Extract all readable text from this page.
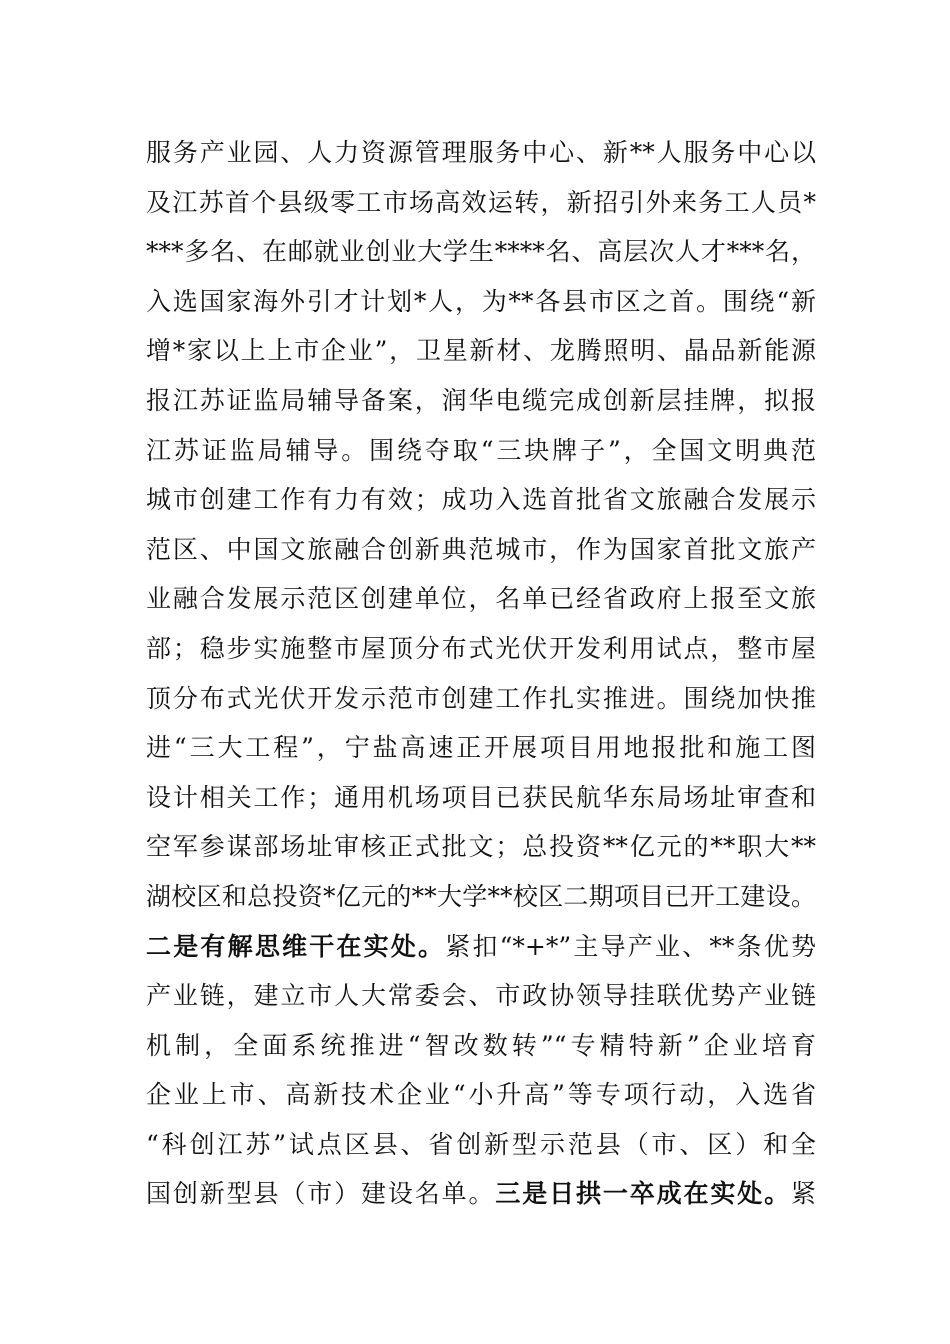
服务产业园、人力资源管理服务中心、新**人服务中心以
及江苏首个县级零工市场高效运转，新招引外来务工人员*
***多名、在邮就业创业大学生****名、高层次人才***名，
入选国家海外引才计划*人，为**各县市区之首。围绕“新
增*家以上上市企业”，卫星新材、龙腾照明、晶品新能源
报江苏证监局辅导备案，润华电缆完成创新层挂牌，拟报
江苏证监局辅导。围绕夺取“三块牌子”，全国文明典范
城市创建工作有力有效；成功入选首批省文旅融合发展示
范区、中国文旅融合创新典范城市，作为国家首批文旅产
业融合发展示范区创建单位，名单已经省政府上报至文旅
部；稳步实施整市屋顶分布式光伏开发利用试点，整市屋
顶分布式光伏开发示范市创建工作扎实推进。围绕加快推
进“三大工程”，宁盐高速正开展项目用地报批和施工图
设计相关工作；通用机场项目已获民航华东局场址审查和
空军参谋部场址审核正式批文；总投资**亿元的**职大**
湖校区和总投资*亿元的**大学**校区二期项目已开工建设。
二是有解思维干在实处。紧扣“*+*”主导产业、**条优势
产业链，建立市人大常委会、市政协领导挂联优势产业链
机制，全面系统推进“智改数转”“专精特新”企业培育
企业上市、高新技术企业“小升高”等专项行动，入选省
“科创江苏”试点区县、省创新型示范县（市、区）和全
国创新型县（市）建设名单。三是日拱一卒成在实处。紧
